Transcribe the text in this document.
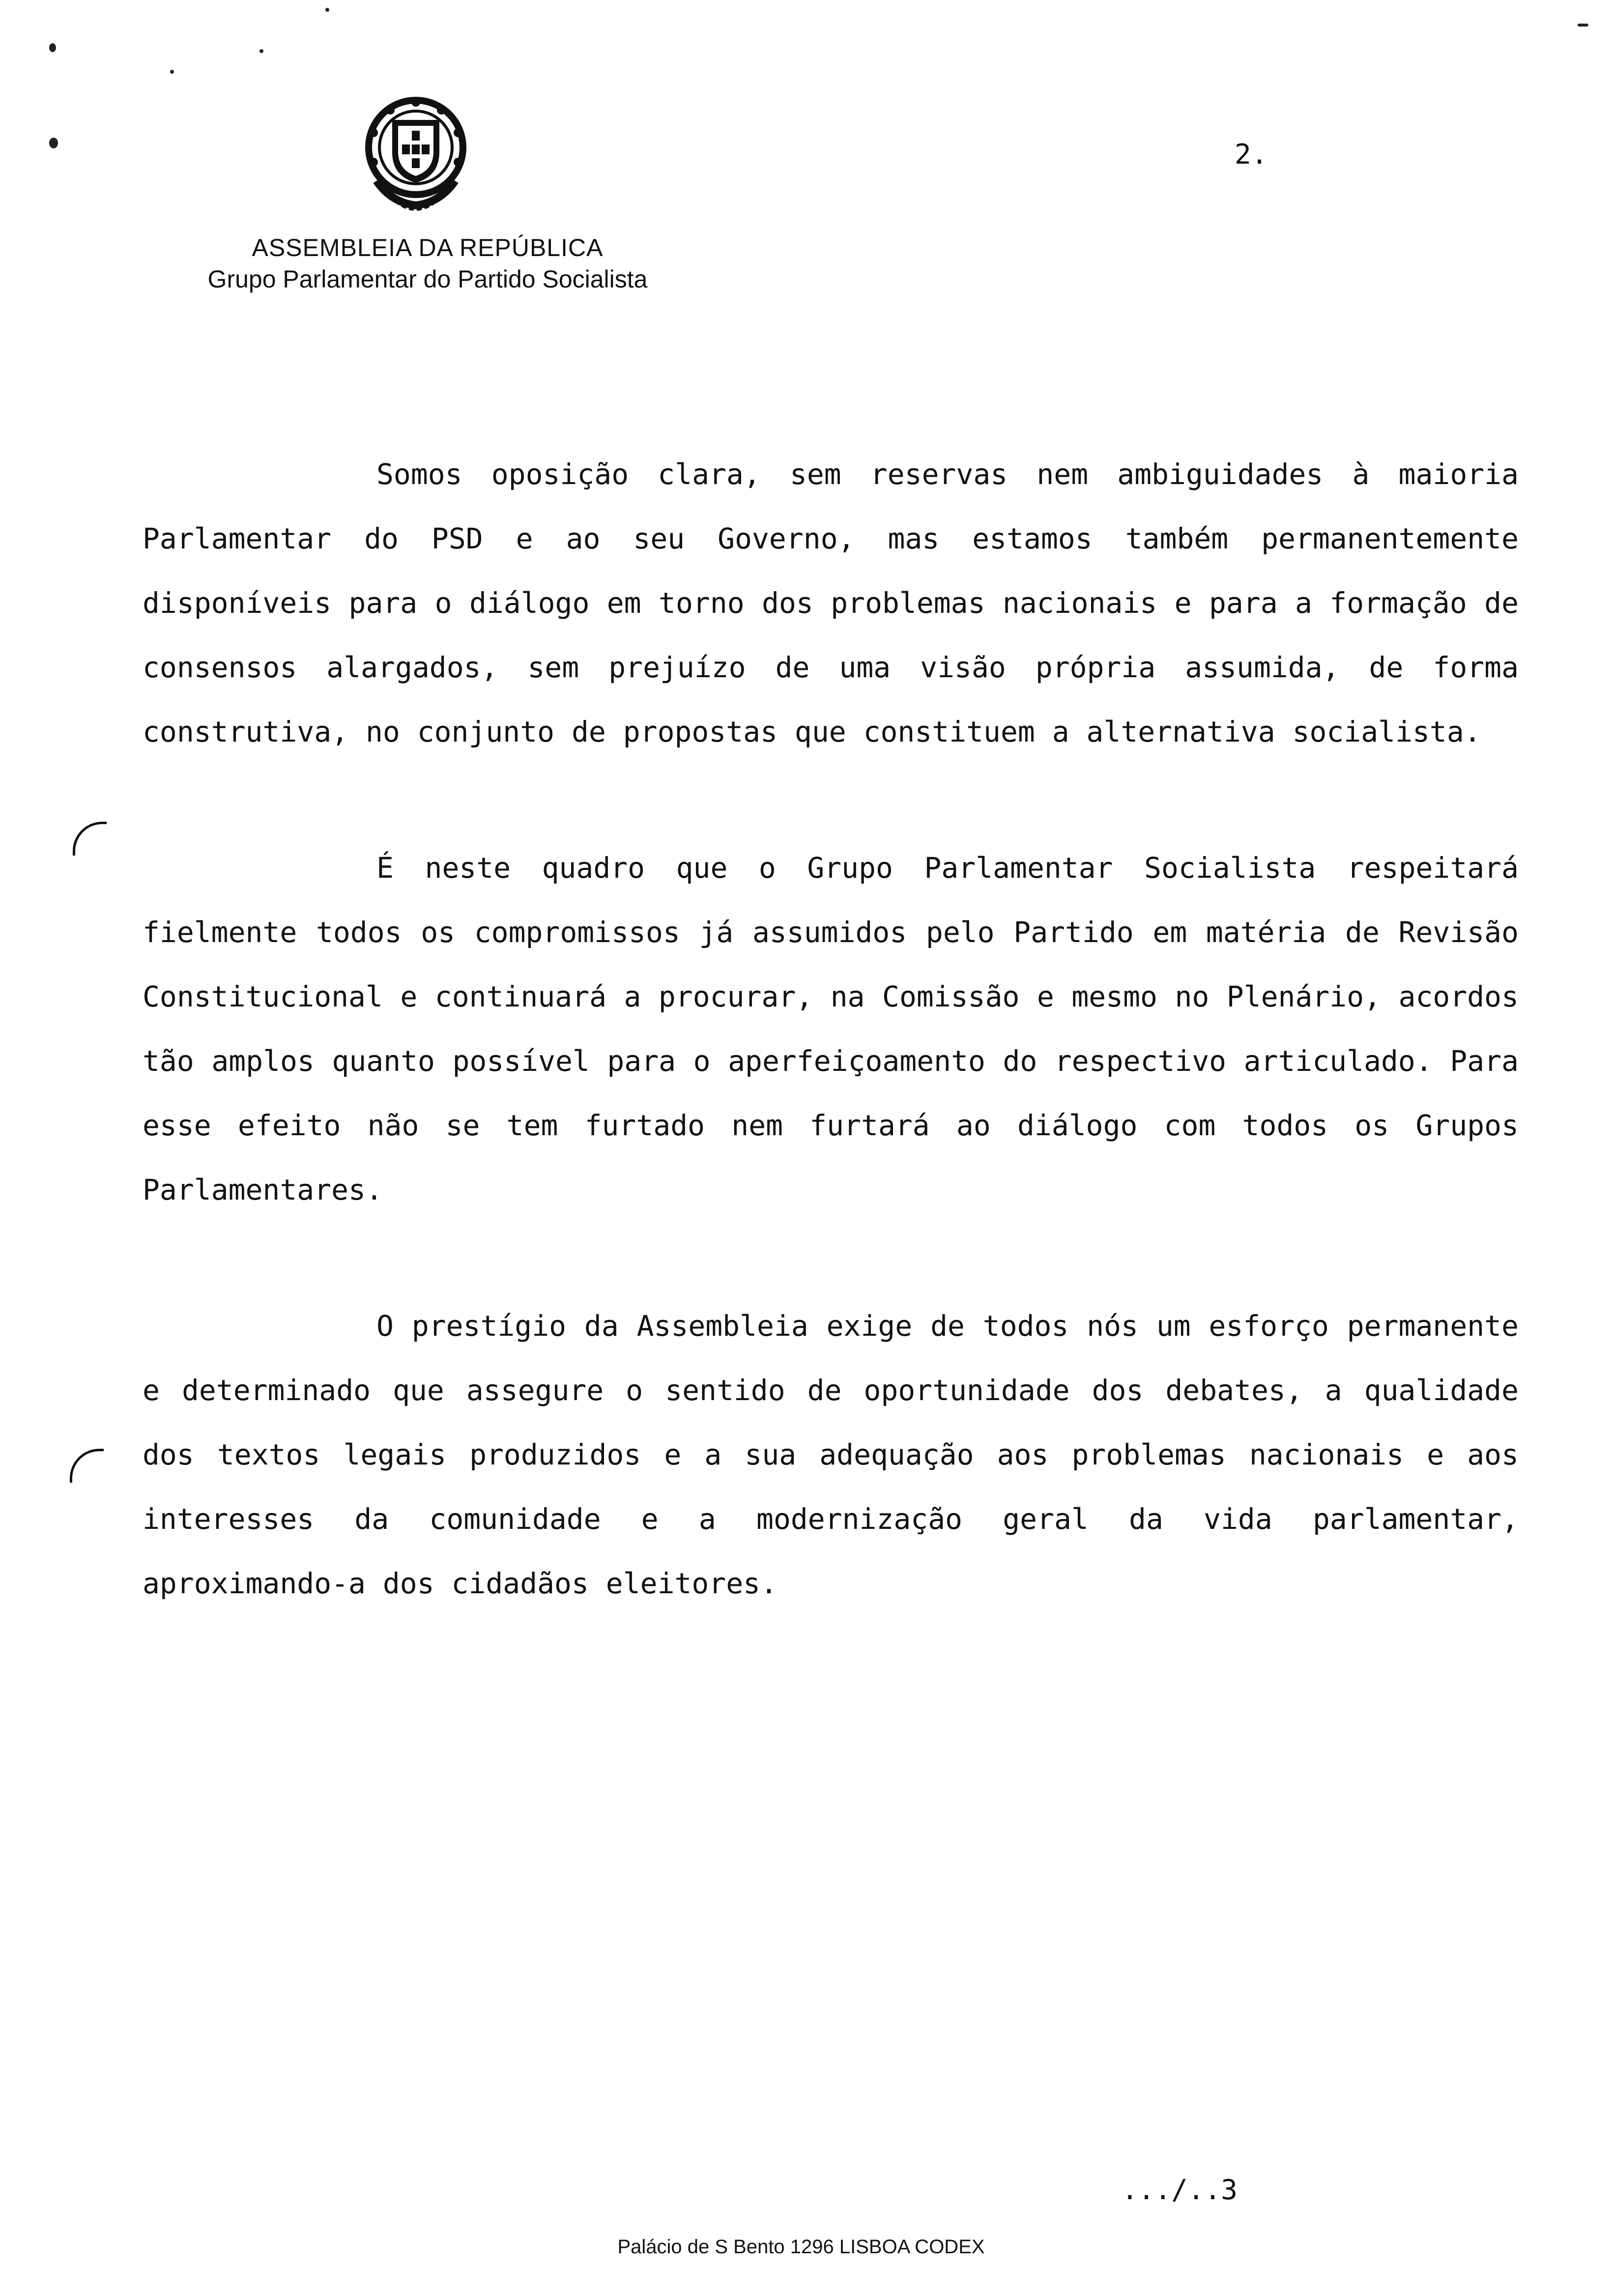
ASSEMBLEIA DA REPÚBLICA
Grupo Parlamentar do Partido Socialista
2.

Somos oposição clara, sem reservas nem ambiguidades à maioria Parlamentar do PSD e ao seu Governo, mas estamos também permanentemente disponíveis para o diálogo em torno dos problemas nacionais e para a formação de consensos alargados, sem prejuízo de uma visão própria assumida, de forma construtiva, no conjunto de propostas que constituem a alternativa socialista.

É neste quadro que o Grupo Parlamentar Socialista respeitará fielmente todos os compromissos já assumidos pelo Partido em matéria de Revisão Constitucional e continuará a procurar, na Comissão e mesmo no Plenário, acordos tão amplos quanto possível para o aperfeiçoamento do respectivo articulado. Para esse efeito não se tem furtado nem furtará ao diálogo com todos os Grupos Parlamentares.

O prestígio da Assembleia exige de todos nós um esforço permanente e determinado que assegure o sentido de oportunidade dos debates, a qualidade dos textos legais produzidos e a sua adequação aos problemas nacionais e aos interesses da comunidade e a modernização geral da vida parlamentar, aproximando-a dos cidadãos eleitores.

.../..3
Palácio de S Bento 1296 LISBOA CODEX
